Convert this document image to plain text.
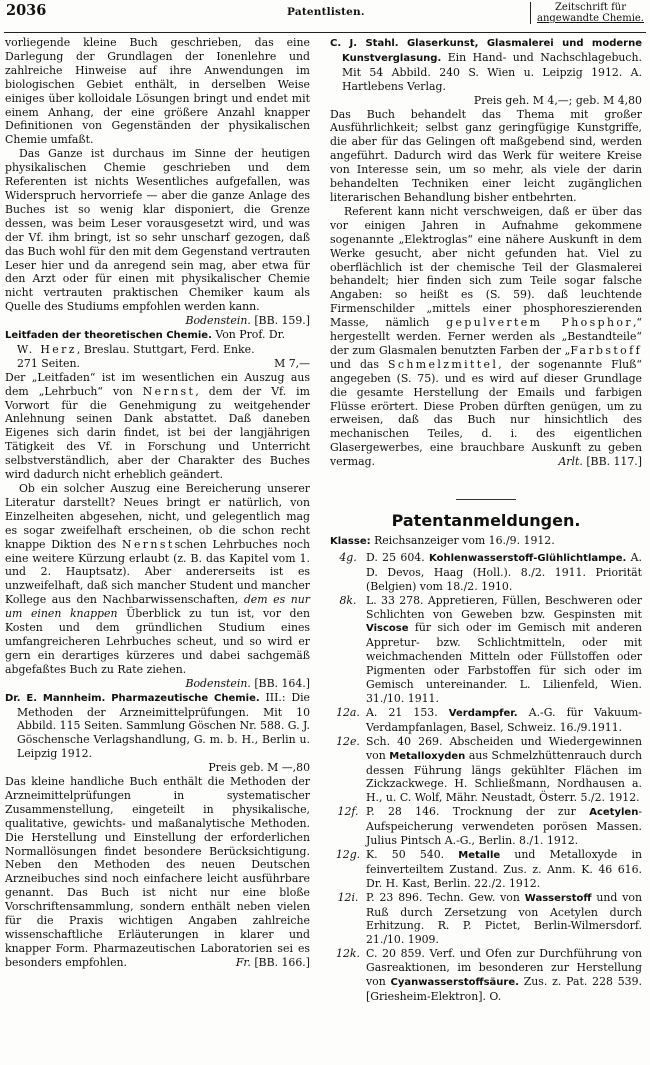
2036	Patentlisten.	Zeitschrift für
angewandte Chemie.

vorliegende kleine Buch geschrieben, das eine Darlegung der Grundlagen der Ionenlehre und zahlreiche Hinweise auf ihre Anwendungen im biologischen Gebiet enthält, in derselben Weise einiges über kolloidale Lösungen bringt und endet mit einem Anhang, der eine größere Anzahl knapper Definitionen von Gegenständen der physikalischen Chemie umfaßt.

Das Ganze ist durchaus im Sinne der heutigen physikalischen Chemie geschrieben und dem Referenten ist nichts Wesentliches aufgefallen, was Widerspruch hervorriefe — aber die ganze Anlage des Buches ist so wenig klar disponiert, die Grenze dessen, was beim Leser vorausgesetzt wird, und was der Vf. ihm bringt, ist so sehr unscharf gezogen, daß das Buch wohl für den mit dem Gegenstand vertrauten Leser hier und da anregend sein mag, aber etwa für den Arzt oder für einen mit physikalischer Chemie nicht vertrauten praktischen Chemiker kaum als Quelle des Studiums empfohlen werden kann.
Bodenstein. [BB. 159.]

Leitfaden der theoretischen Chemie. Von Prof. Dr.
W. Herz, Breslau. Stuttgart, Ferd. Enke.
271 Seiten.	M 7,—

Der „Leitfaden“ ist im wesentlichen ein Auszug aus dem „Lehrbuch“ von Nernst, dem der Vf. im Vorwort für die Genehmigung zu weitgehender Anlehnung seinen Dank abstattet. Daß daneben Eigenes sich darin findet, ist bei der langjährigen Tätigkeit des Vf. in Forschung und Unterricht selbstverständlich, aber der Charakter des Buches wird dadurch nicht erheblich geändert.

Ob ein solcher Auszug eine Bereicherung unserer Literatur darstellt? Neues bringt er natürlich, von Einzelheiten abgesehen, nicht, und gelegentlich mag es sogar zweifelhaft erscheinen, ob die schon recht knappe Diktion des Nernstschen Lehrbuches noch eine weitere Kürzung erlaubt (z. B. das Kapitel vom 1. und 2. Hauptsatz). Aber andererseits ist es unzweifelhaft, daß sich mancher Student und mancher Kollege aus den Nachbarwissenschaften, dem es nur um einen knappen Überblick zu tun ist, vor den Kosten und dem gründlichen Studium eines umfangreicheren Lehrbuches scheut, und so wird er gern ein derartiges kürzeres und dabei sachgemäß abgefaßtes Buch zu Rate ziehen.
Bodenstein. [BB. 164.]

Dr. E. Mannheim. Pharmazeutische Chemie. III.: Die Methoden der Arzneimittelprüfungen. Mit 10 Abbild. 115 Seiten. Sammlung Göschen Nr. 588. G. J. Göschensche Verlagshandlung, G. m. b. H., Berlin u. Leipzig 1912.
Preis geb. M —,80

Das kleine handliche Buch enthält die Methoden der Arzneimittelprüfungen in systematischer Zusammenstellung, eingeteilt in physikalische, qualitative, gewichts- und maßanalytische Methoden. Die Herstellung und Einstellung der erforderlichen Normallösungen findet besondere Berücksichtigung. Neben den Methoden des neuen Deutschen Arzneibuches sind noch einfachere leicht ausführbare genannt. Das Buch ist nicht nur eine bloße Vorschriftensammlung, sondern enthält neben vielen für die Praxis wichtigen Angaben zahlreiche wissenschaftliche Erläuterungen in klarer und knapper Form. Pharmazeutischen Laboratorien sei es besonders empfohlen.	Fr. [BB. 166.]

C. J. Stahl. Glaserkunst, Glasmalerei und moderne Kunstverglasung. Ein Hand- und Nachschlagebuch. Mit 54 Abbild. 240 S. Wien u. Leipzig 1912. A. Hartlebens Verlag.
Preis geh. M 4,—; geb. M 4,80

Das Buch behandelt das Thema mit großer Ausführlichkeit; selbst ganz geringfügige Kunstgriffe, die aber für das Gelingen oft maßgebend sind, werden angeführt. Dadurch wird das Werk für weitere Kreise von Interesse sein, um so mehr, als viele der darin behandelten Techniken einer leicht zugänglichen literarischen Behandlung bisher entbehrten.

Referent kann nicht verschweigen, daß er über das vor einigen Jahren in Aufnahme gekommene sogenannte „Elektroglas“ eine nähere Auskunft in dem Werke gesucht, aber nicht gefunden hat. Viel zu oberflächlich ist der chemische Teil der Glasmalerei behandelt; hier finden sich zum Teile sogar falsche Angaben: so heißt es (S. 59). daß leuchtende Firmenschilder „mittels einer phosphoreszierenden Masse, nämlich gepulvertem Phosphor,“ hergestellt werden. Ferner werden als „Bestandteile“ der zum Glasmalen benutzten Farben der „Farbstoff und das Schmelzmittel, der sogenannte Fluß“ angegeben (S. 75). und es wird auf dieser Grundlage die gesamte Herstellung der Emails und farbigen Flüsse erörtert. Diese Proben dürften genügen, um zu erweisen, daß das Buch nur hinsichtlich des mechanischen Teiles, d. i. des eigentlichen Glasergewerbes, eine brauchbare Auskunft zu geben vermag.	Arlt. [BB. 117.]

Patentanmeldungen.

Klasse: Reichsanzeiger vom 16./9. 1912.

4g. D. 25 604. Kohlenwasserstoff-Glühlichtlampe. A. D. Devos, Haag (Holl.). 8./2. 1911. Priorität (Belgien) vom 18./2. 1910.
8k. L. 33 278. Appretieren, Füllen, Beschweren oder Schlichten von Geweben bzw. Gespinsten mit Viscose für sich oder im Gemisch mit anderen Appretur- bzw. Schlichtmitteln, oder mit weichmachenden Mitteln oder Füllstoffen oder Pigmenten oder Farbstoffen für sich oder im Gemisch untereinander. L. Lilienfeld, Wien. 31./10. 1911.
12a. A. 21 153. Verdampfer. A.-G. für Vakuum-Verdampfanlagen, Basel, Schweiz. 16./9.1911.
12e. Sch. 40 269. Abscheiden und Wiedergewinnen von Metalloxyden aus Schmelzhüttenrauch durch dessen Führung längs gekühlter Flächen im Zickzackwege. H. Schließmann, Nordhausen a. H., u. C. Wolf, Mähr. Neustadt, Österr. 5./2. 1912.
12f. P. 28 146. Trocknung der zur Acetylen-Aufspeicherung verwendeten porösen Massen. Julius Pintsch A.-G., Berlin. 8./1. 1912.
12g. K. 50 540. Metalle und Metalloxyde in feinverteiltem Zustand. Zus. z. Anm. K. 46 616. Dr. H. Kast, Berlin. 22./2. 1912.
12i. P. 23 896. Techn. Gew. von Wasserstoff und von Ruß durch Zersetzung von Acetylen durch Erhitzung. R. P. Pictet, Berlin-Wilmersdorf. 21./10. 1909.
12k. C. 20 859. Verf. und Ofen zur Durchführung von Gasreaktionen, im besonderen zur Herstellung von Cyanwasserstoffsäure. Zus. z. Pat. 228 539. [Griesheim-Elektron]. O.
